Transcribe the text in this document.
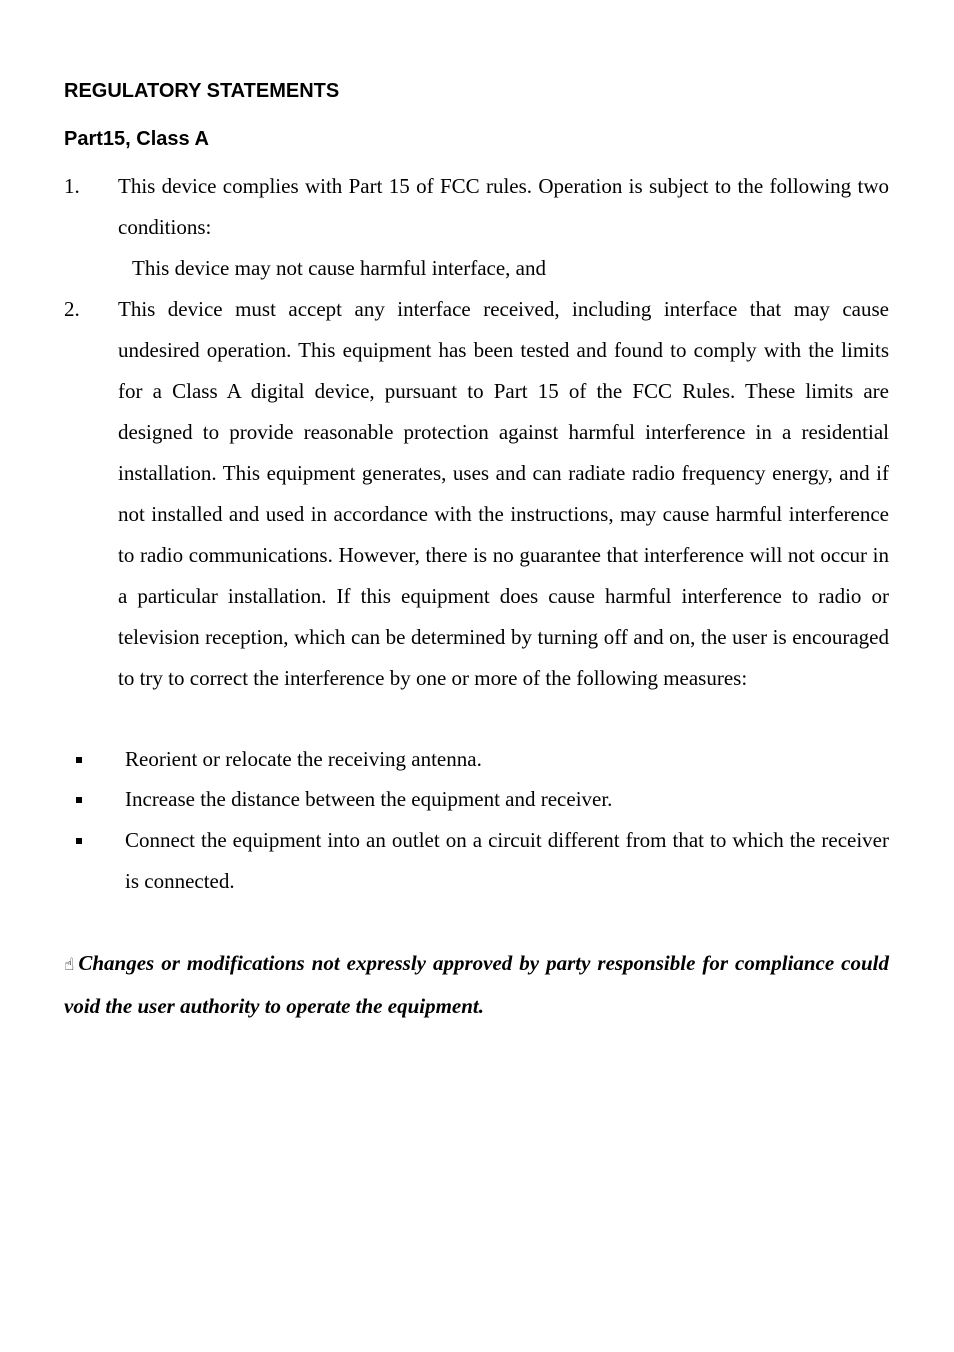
REGULATORY STATEMENTS
Part15, Class A
1. This device complies with Part 15 of FCC rules. Operation is subject to the following two conditions:

This device may not cause harmful interface, and
2. This device must accept any interface received, including interface that may cause undesired operation. This equipment has been tested and found to comply with the limits for a Class A digital device, pursuant to Part 15 of the FCC Rules. These limits are designed to provide reasonable protection against harmful interference in a residential installation. This equipment generates, uses and can radiate radio frequency energy, and if not installed and used in accordance with the instructions, may cause harmful interference to radio communications. However, there is no guarantee that interference will not occur in a particular installation. If this equipment does cause harmful interference to radio or television reception, which can be determined by turning off and on, the user is encouraged to try to correct the interference by one or more of the following measures:

Reorient or relocate the receiving antenna.

Increase the distance between the equipment and receiver.

Connect the equipment into an outlet on a circuit different from that to which the receiver is connected.

☝ Changes or modifications not expressly approved by party responsible for compliance could void the user authority to operate the equipment.
